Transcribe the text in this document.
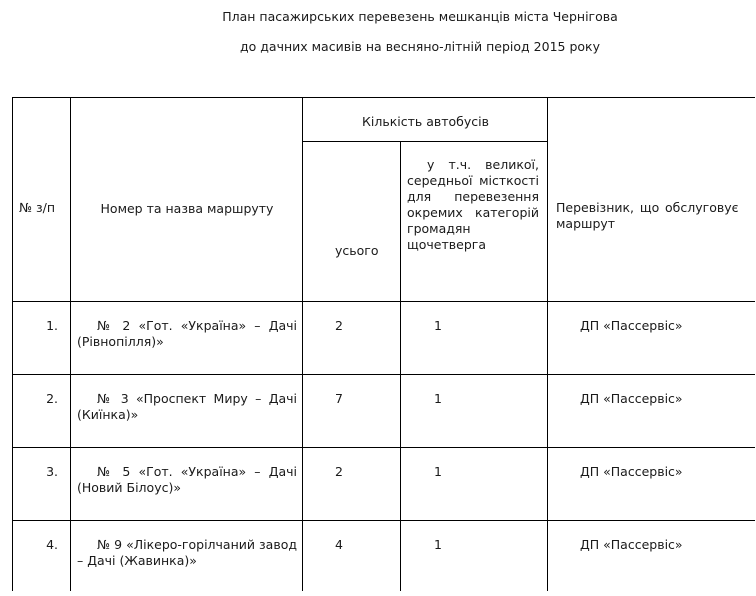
План пасажирських перевезень мешканців міста Чернігова
до дачних масивів на весняно-літній період 2015 року
№ з/п	Номер та назва маршруту	Кількість автобусів		Перевізник, що обслуговує маршрут

		усього	у т.ч. великої, середньої місткості для перевезення окремих категорій громадян щочетверга	

1.	№ 2 «Гот. «Україна» – Дачі (Рівнопілля)»	2	1	ДП «Пассервіс»

2.	№ 3 «Проспект Миру – Дачі (Киїнка)»	7	1	ДП «Пассервіс»

3.	№ 5 «Гот. «Україна» – Дачі (Новий Білоус)»	2	1	ДП «Пассервіс»

4.	№ 9 «Лікеро-горілчаний завод – Дачі (Жавинка)»	4	1	ДП «Пассервіс»
